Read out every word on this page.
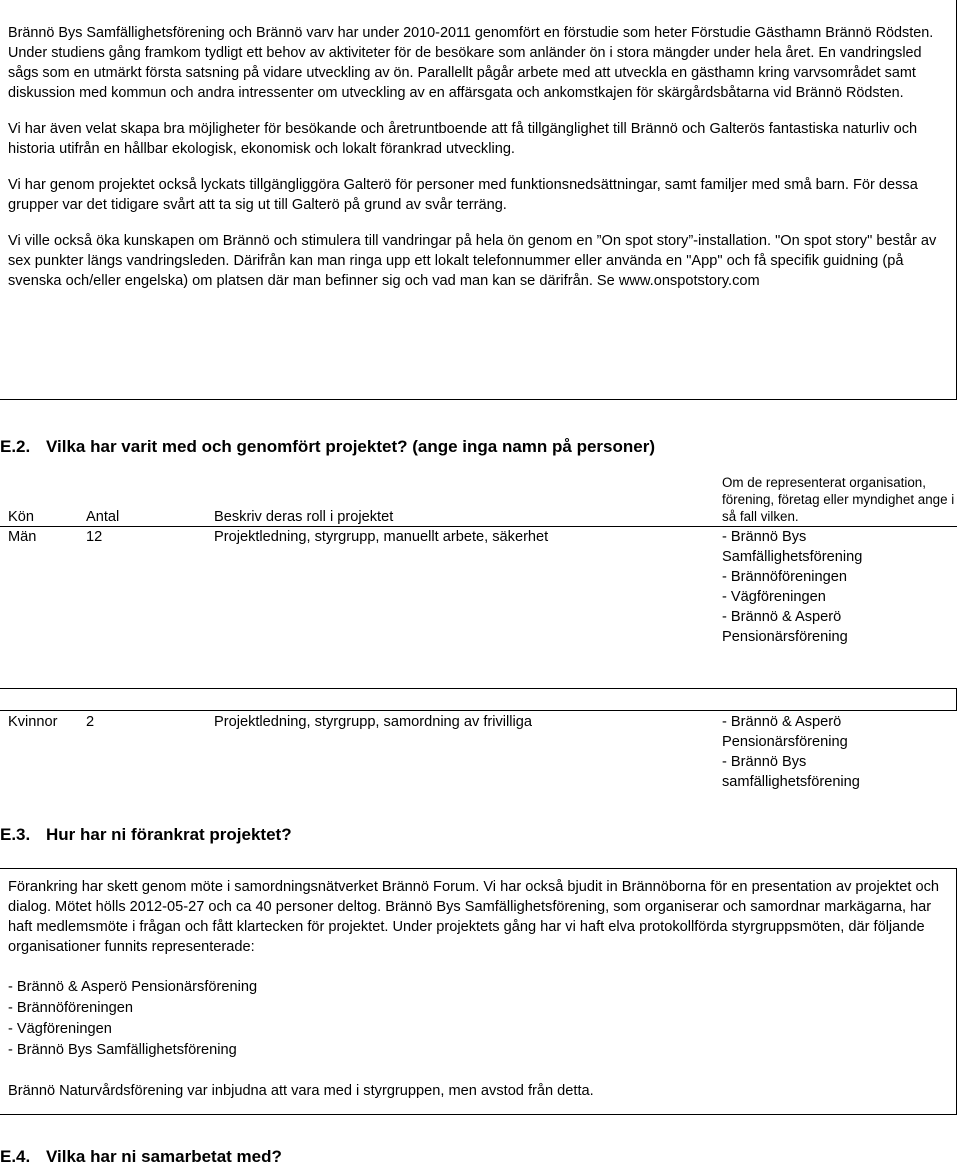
Brännö Bys Samfällighetsförening och Brännö varv har under 2010-2011 genomfört en förstudie som heter Förstudie Gästhamn Brännö Rödsten. Under studiens gång framkom tydligt ett behov av aktiviteter för de besökare som anländer ön i stora mängder under hela året. En vandringsled sågs som en utmärkt första satsning på vidare utveckling av ön. Parallellt pågår arbete med att utveckla en gästhamn kring varvsområdet samt diskussion med kommun och andra intressenter om utveckling av en affärsgata och ankomstkajen för skärgårdsbåtarna vid Brännö Rödsten.

Vi har även velat skapa bra möjligheter för besökande och åretruntboende att få tillgänglighet till Brännö och Galterös fantastiska naturliv och historia utifrån en hållbar ekologisk, ekonomisk och lokalt förankrad utveckling.

Vi har genom projektet också lyckats tillgängliggöra Galterö för personer med funktionsnedsättningar, samt familjer med små barn. För dessa grupper var det tidigare svårt att ta sig ut till Galterö på grund av svår terräng.

Vi ville också öka kunskapen om Brännö och stimulera till vandringar på hela ön genom en ”On spot story”-installation. "On spot story" består av sex punkter längs vandringsleden. Därifrån kan man ringa upp ett lokalt telefonnummer eller använda en "App" och få specifik guidning (på svenska och/eller engelska) om platsen där man befinner sig och vad man kan se därifrån. Se www.onspotstory.com

E.2. Vilka har varit med och genomfört projektet? (ange inga namn på personer)
Kön	Antal	Beskriv deras roll i projektet
Om de representerat organisation, förening, företag eller myndighet ange i så fall vilken.
Män	12	Projektledning, styrgrupp, manuellt arbete, säkerhet	- Brännö Bys
Samfällighetsförening
- Brännöföreningen
- Vägföreningen
- Brännö & Asperö
Pensionärsförening
Kvinnor 2	Projektledning, styrgrupp, samordning av frivilliga	- Brännö & Asperö
Pensionärsförening
- Brännö Bys
samfällighetsförening
E.3. Hur har ni förankrat projektet?

Förankring har skett genom möte i samordningsnätverket Brännö Forum. Vi har också bjudit in Brännöborna för en presentation av projektet och dialog. Mötet hölls 2012-05-27 och ca 40 personer deltog. Brännö Bys Samfällighetsförening, som organiserar och samordnar markägarna, har haft medlemsmöte i frågan och fått klartecken för projektet. Under projektets gång har vi haft elva protokollförda styrgruppsmöten, där följande organisationer funnits representerade:

- Brännö & Asperö Pensionärsförening
- Brännöföreningen
- Vägföreningen
- Brännö Bys Samfällighetsförening

Brännö Naturvårdsförening var inbjudna att vara med i styrgruppen, men avstod från detta.

E.4. Vilka har ni samarbetat med?
